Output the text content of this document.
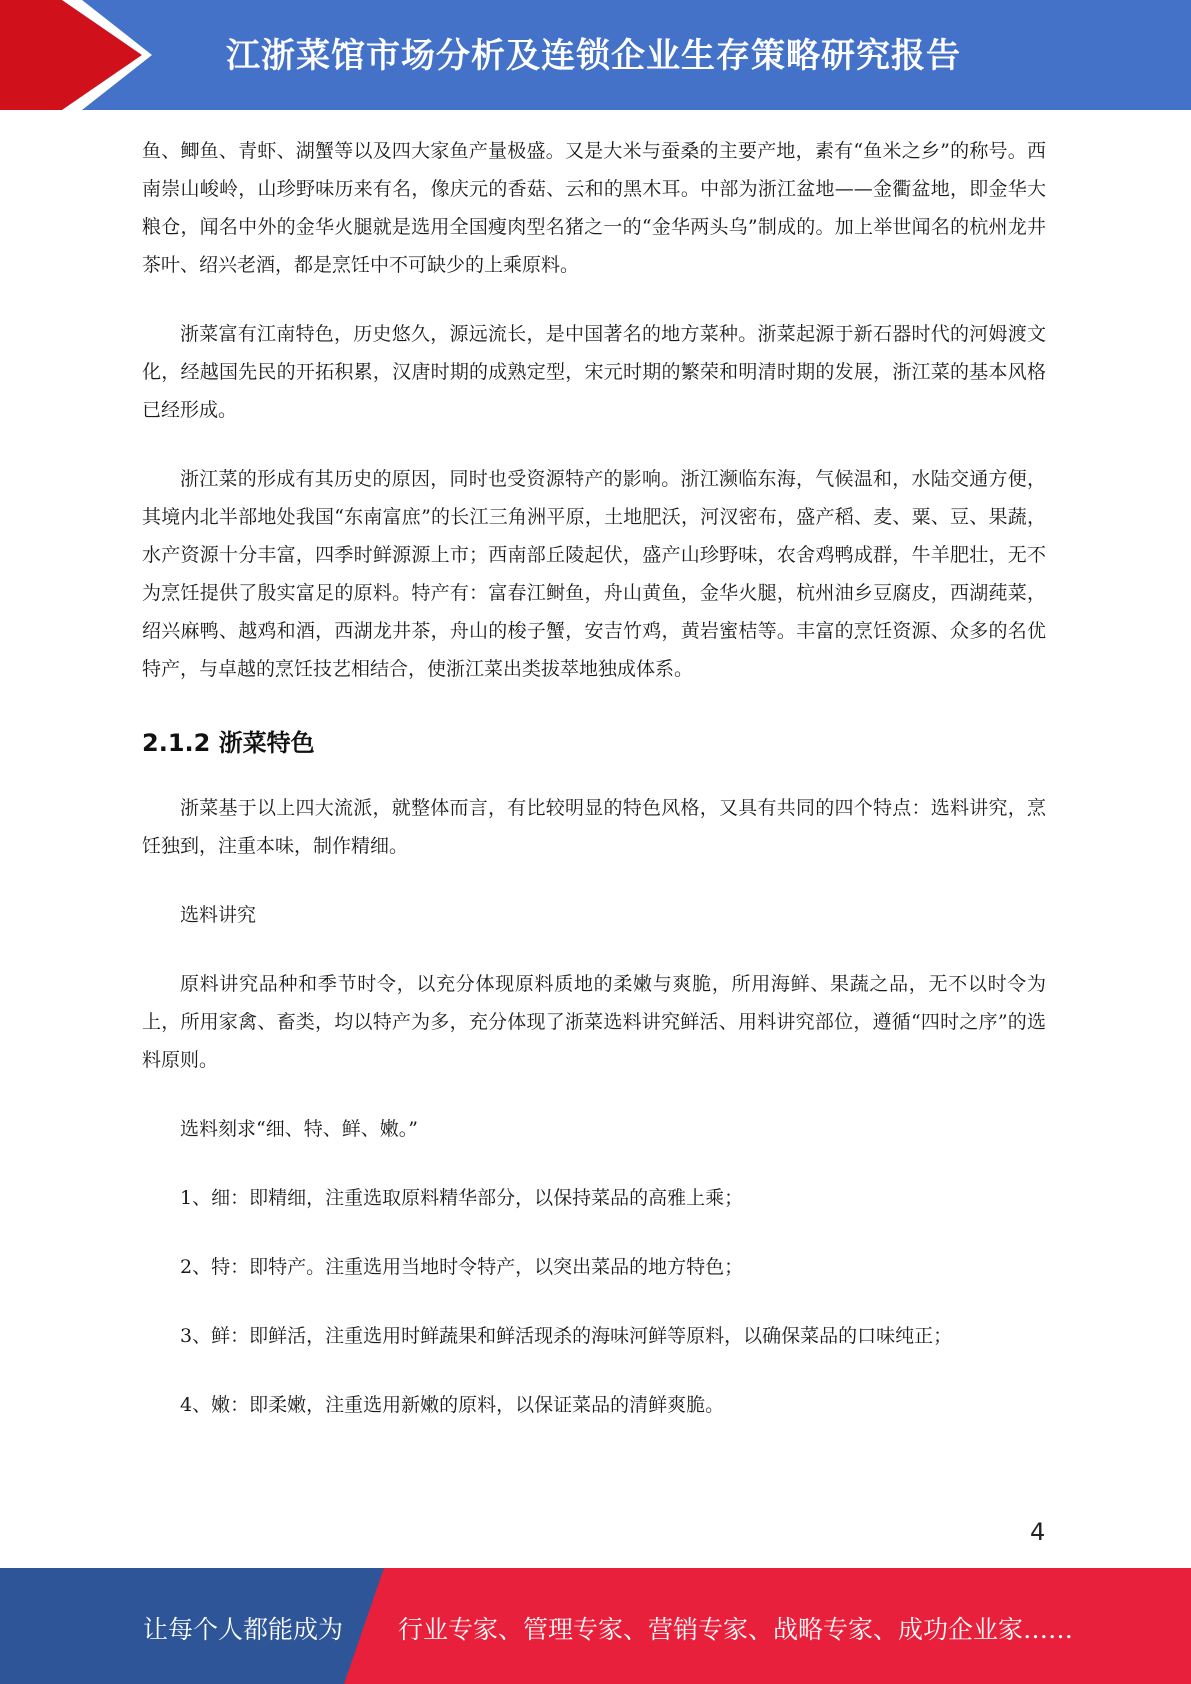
江浙菜馆市场分析及连锁企业生存策略研究报告

鱼、鲫鱼、青虾、湖蟹等以及四大家鱼产量极盛。又是大米与蚕桑的主要产地，素有“鱼米之乡”的称号。西南崇山峻岭，山珍野味历来有名，像庆元的香菇、云和的黑木耳。中部为浙江盆地——金衢盆地，即金华大粮仓，闻名中外的金华火腿就是选用全国瘦肉型名猪之一的“金华两头乌”制成的。加上举世闻名的杭州龙井茶叶、绍兴老酒，都是烹饪中不可缺少的上乘原料。

浙菜富有江南特色，历史悠久，源远流长，是中国著名的地方菜种。浙菜起源于新石器时代的河姆渡文化，经越国先民的开拓积累，汉唐时期的成熟定型，宋元时期的繁荣和明清时期的发展，浙江菜的基本风格已经形成。

浙江菜的形成有其历史的原因，同时也受资源特产的影响。浙江濒临东海，气候温和，水陆交通方便，其境内北半部地处我国“东南富庶”的长江三角洲平原，土地肥沃，河汊密布，盛产稻、麦、粟、豆、果蔬，水产资源十分丰富，四季时鲜源源上市；西南部丘陵起伏，盛产山珍野味，农舍鸡鸭成群，牛羊肥壮，无不为烹饪提供了殷实富足的原料。特产有：富春江鲥鱼，舟山黄鱼，金华火腿，杭州油乡豆腐皮，西湖莼菜，绍兴麻鸭、越鸡和酒，西湖龙井茶，舟山的梭子蟹，安吉竹鸡，黄岩蜜桔等。丰富的烹饪资源、众多的名优特产，与卓越的烹饪技艺相结合，使浙江菜出类拔萃地独成体系。

2.1.2 浙菜特色

浙菜基于以上四大流派，就整体而言，有比较明显的特色风格，又具有共同的四个特点：选料讲究，烹饪独到，注重本味，制作精细。

选料讲究

原料讲究品种和季节时令，以充分体现原料质地的柔嫩与爽脆，所用海鲜、果蔬之品，无不以时令为上，所用家禽、畜类，均以特产为多，充分体现了浙菜选料讲究鲜活、用料讲究部位，遵循“四时之序”的选料原则。

选料刻求“细、特、鲜、嫩。”

1、细：即精细，注重选取原料精华部分，以保持菜品的高雅上乘；

2、特：即特产。注重选用当地时令特产，以突出菜品的地方特色；

3、鲜：即鲜活，注重选用时鲜蔬果和鲜活现杀的海味河鲜等原料，以确保菜品的口味纯正；

4、嫩：即柔嫩，注重选用新嫩的原料，以保证菜品的清鲜爽脆。

4
让每个人都能成为 行业专家、管理专家、营销专家、战略专家、成功企业家……
